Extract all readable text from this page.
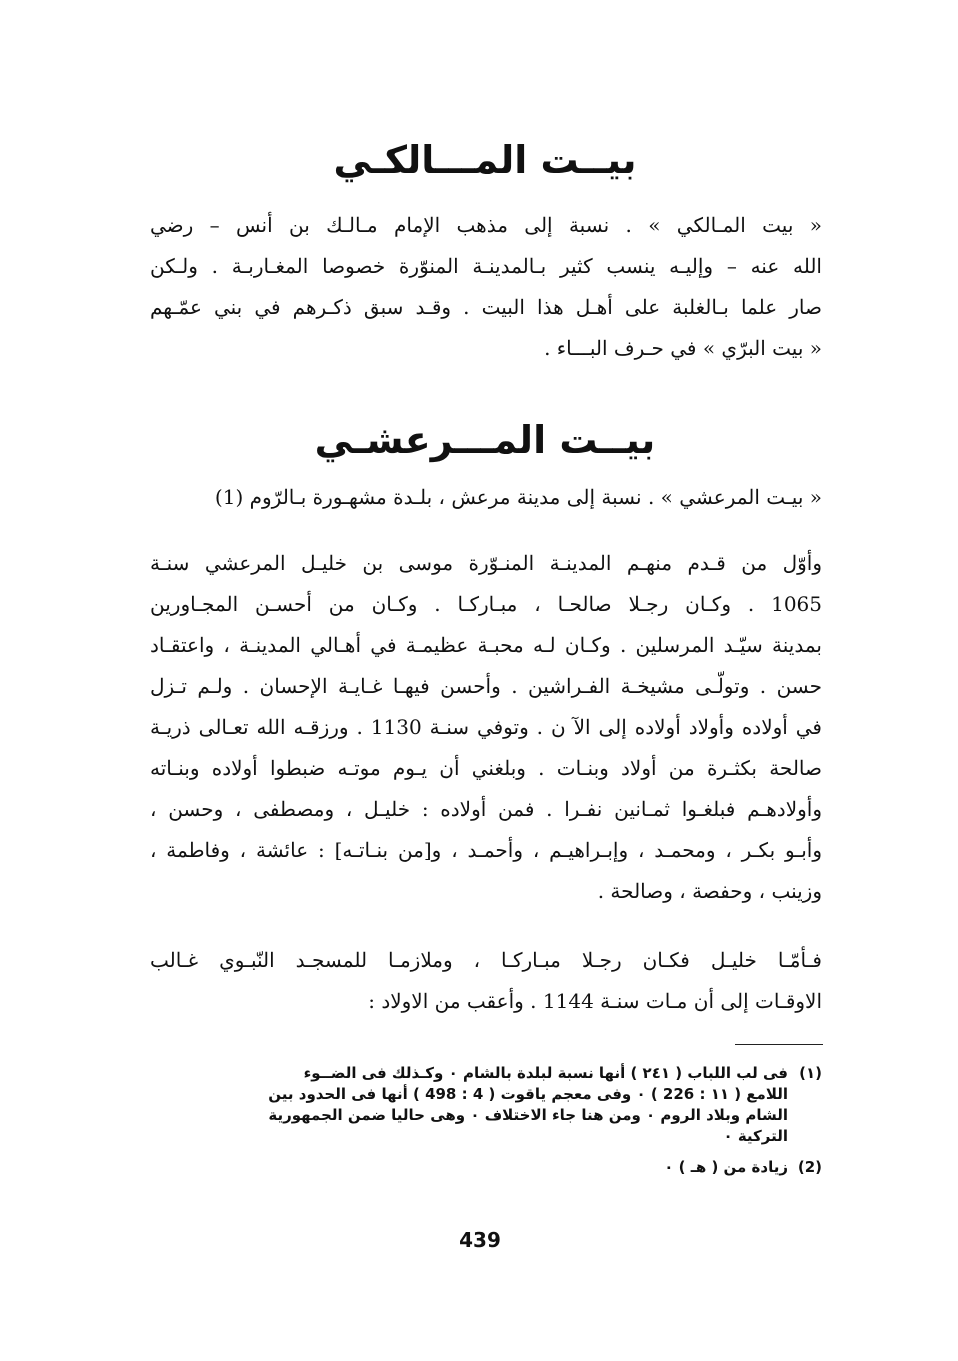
بيــت المـــالكـي

« بيت المـالكي » . نسبة إلى مذهب الإمام مـالـك بن أنس – رضي
الله عنه – وإليـه ينسب كثير بـالمدينـة المنوّرة خصوصا المغـاربـة . ولـكن
صار علما بـالغلبة على أهـل هذا البيت . وقـد سبق ذكـرهم في بني عمّـهم
« بيت البرّي » في حـرف البـــاء .

بيــت المـــرعشـي

« بيـت المرعشي » . نسبة إلى مدينة مرعش ، بلـدة مشهـورة بـالرّوم (1)

وأوّل من قـدم منهـم المدينـة المنـوّرة موسى بن خليـل المرعشي سنـة
1065 . وكـان رجـلا صالحـا ، مبـاركـا . وكـان من أحسـن المجـاورين
بمدينة سيّـد المرسلين . وكـان لـه محبـة عظيمـة في أهـالي المدينـة ، واعتقـاد
حسن . وتولّـى مشيخـة الفـراشين . وأحسن فيهـا غـايـة الإحسان . ولـم تـزل
في أولاده وأولاد أولاده إلى الآ ن . وتوفي سنـة 1130 . ورزقـه الله تعـالى ذريـة
صالحة بكثـرة من أولاد وبنـات . وبلغني أن يـوم موتـه ضبطوا أولاده وبنـاته
وأولادهـم فبلغـوا ثمـانين نفـرا . فمن أولاده : خليـل ، ومصطفى ، وحسن ،
وأبـو بكـر ، ومحمـد ، وإبـراهيـم ، وأحمـد ، و[من بنـاتـه] : عائشة ، وفاطمة ،
وزينب ، وحفصة ، وصالحة .

فـأمّـا خليـل فكـان رجـلا مبـاركـا ، وملازمـا للمسجـد النّبـوي غـالب
الاوقـات إلى أن مـات سنـة 1144 . وأعقب من الاولاد :

(١)
فى لب اللباب ( ٢٤١ ) أنها نسبة لبلدة بالشام ٠ وكـذلك فى الضــوء
اللامع ( ١١ : 226 ) ٠ وفى معجم ياقوت ( 4 : 498 ) أنها فى الحدود بين
الشام وبلاد الروم ٠ ومن هنا جاء الاختلاف ٠ وهى حاليا ضمن الجمهورية
التركية ٠
(2)
زيادة من ( هـ ) ٠
439
